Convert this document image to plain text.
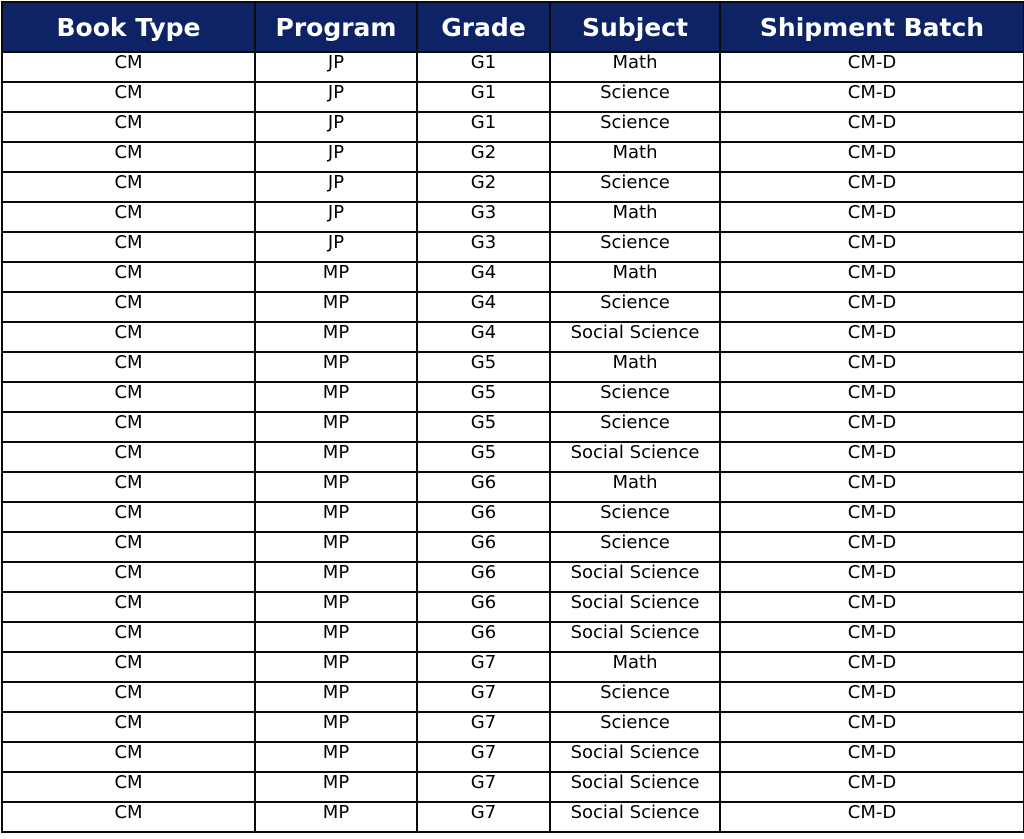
Book Type	Program	Grade	Subject	Shipment Batch
CM	JP	G1	Math	CM-D
CM	JP	G1	Science	CM-D
CM	JP	G1	Science	CM-D
CM	JP	G2	Math	CM-D
CM	JP	G2	Science	CM-D
CM	JP	G3	Math	CM-D
CM	JP	G3	Science	CM-D
CM	MP	G4	Math	CM-D
CM	MP	G4	Science	CM-D
CM	MP	G4	Social Science	CM-D
CM	MP	G5	Math	CM-D
CM	MP	G5	Science	CM-D
CM	MP	G5	Science	CM-D
CM	MP	G5	Social Science	CM-D
CM	MP	G6	Math	CM-D
CM	MP	G6	Science	CM-D
CM	MP	G6	Science	CM-D
CM	MP	G6	Social Science	CM-D
CM	MP	G6	Social Science	CM-D
CM	MP	G6	Social Science	CM-D
CM	MP	G7	Math	CM-D
CM	MP	G7	Science	CM-D
CM	MP	G7	Science	CM-D
CM	MP	G7	Social Science	CM-D
CM	MP	G7	Social Science	CM-D
CM	MP	G7	Social Science	CM-D
